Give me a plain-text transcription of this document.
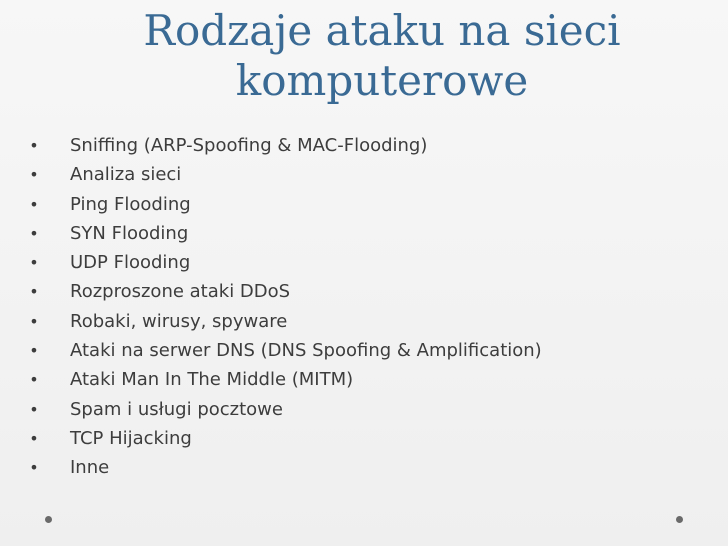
Rodzaje ataku na sieci
komputerowe
• Sniffing (ARP-Spoofing & MAC-Flooding)
• Analiza sieci
• Ping Flooding
• SYN Flooding
• UDP Flooding
• Rozproszone ataki DDoS
• Robaki, wirusy, spyware
• Ataki na serwer DNS (DNS Spoofing & Amplification)
• Ataki Man In The Middle (MITM)
• Spam i usługi pocztowe
• TCP Hijacking
• Inne
